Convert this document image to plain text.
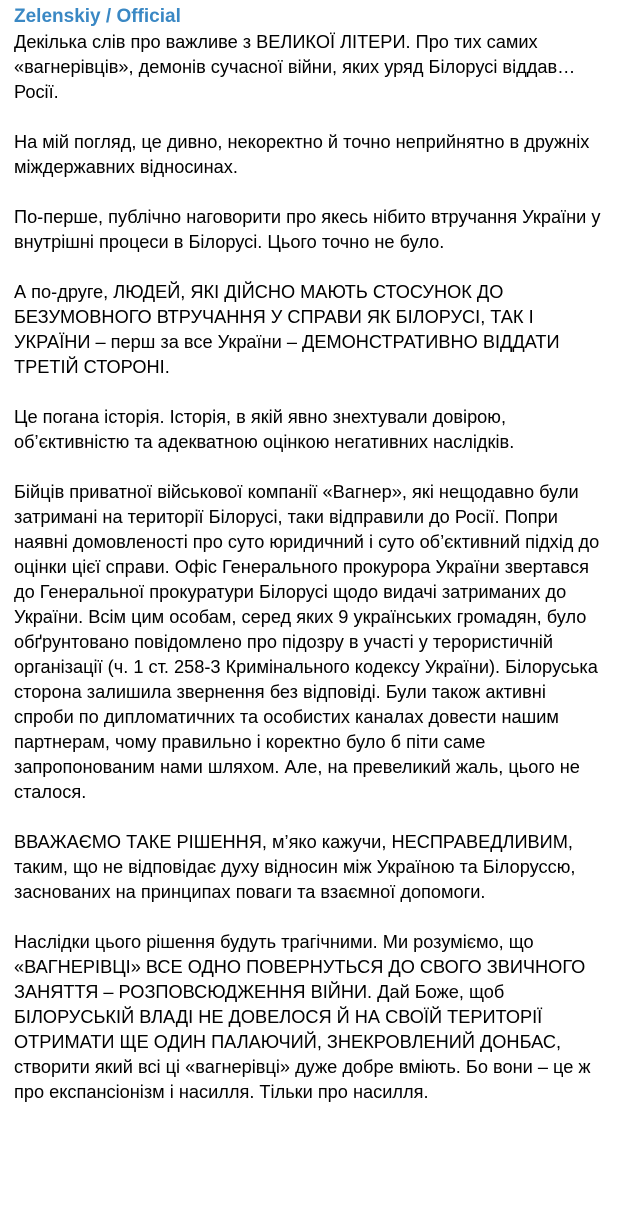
Zelenskiy / Official

Декілька слів про важливе з ВЕЛИКОЇ ЛІТЕРИ. Про тих самих «вагнерівців», демонів сучасної війни, яких уряд Білорусі віддав… Росії.

На мій погляд, це дивно, некоректно й точно неприйнятно в дружніх міждержавних відносинах.

По-перше, публічно наговорити про якесь нібито втручання України у внутрішні процеси в Білорусі. Цього точно не було.

А по-друге, ЛЮДЕЙ, ЯКІ ДІЙСНО МАЮТЬ СТОСУНОК ДО БЕЗУМОВНОГО ВТРУЧАННЯ У СПРАВИ ЯК БІЛОРУСІ, ТАК І УКРАЇНИ – перш за все України – ДЕМОНСТРАТИВНО ВІДДАТИ ТРЕТІЙ СТОРОНІ.

Це погана історія. Історія, в якій явно знехтували довірою, об’єктивністю та адекватною оцінкою негативних наслідків.

Бійців приватної військової компанії «Вагнер», які нещодавно були затримані на території Білорусі, таки відправили до Росії. Попри наявні домовленості про суто юридичний і суто об’єктивний підхід до оцінки цієї справи. Офіс Генерального прокурора України звертався до Генеральної прокуратури Білорусі щодо видачі затриманих до України. Всім цим особам, серед яких 9 українських громадян, було обґрунтовано повідомлено про підозру в участі у терористичній організації (ч. 1 ст. 258-3 Кримінального кодексу України). Білоруська сторона залишила звернення без відповіді. Були також активні спроби по дипломатичних та особистих каналах довести нашим партнерам, чому правильно і коректно було б піти саме запропонованим нами шляхом. Але, на превеликий жаль, цього не сталося.

ВВАЖАЄМО ТАКЕ РІШЕННЯ, м’яко кажучи, НЕСПРАВЕДЛИВИМ, таким, що не відповідає духу відносин між Україною та Білоруссю, заснованих на принципах поваги та взаємної допомоги.

Наслідки цього рішення будуть трагічними. Ми розуміємо, що «ВАГНЕРІВЦІ» ВСЕ ОДНО ПОВЕРНУТЬСЯ ДО СВОГО ЗВИЧНОГО ЗАНЯТТЯ – РОЗПОВСЮДЖЕННЯ ВІЙНИ. Дай Боже, щоб БІЛОРУСЬКІЙ ВЛАДІ НЕ ДОВЕЛОСЯ Й НА СВОЇЙ ТЕРИТОРІЇ ОТРИМАТИ ЩЕ ОДИН ПАЛАЮЧИЙ, ЗНЕКРОВЛЕНИЙ ДОНБАС, створити який всі ці «вагнерівці» дуже добре вміють. Бо вони – це ж про експансіонізм і насилля. Тільки про насилля.
